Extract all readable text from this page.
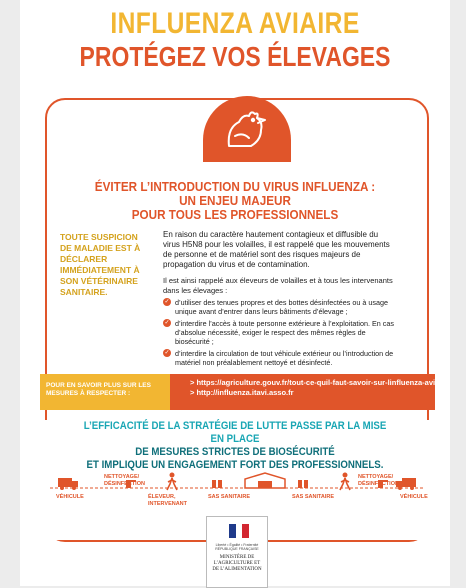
INFLUENZA AVIAIRE
PROTÉGEZ VOS ÉLEVAGES
ÉVITER L’INTRODUCTION DU VIRUS INFLUENZA :
UN ENJEU MAJEUR
POUR TOUS LES PROFESSIONNELS
TOUTE SUSPICION DE MALADIE EST À DÉCLARER IMMÉDIATEMENT À SON VÉTÉRINAIRE SANITAIRE.
En raison du caractère hautement contagieux et diffusible du virus H5N8 pour les volailles, il est rappelé que les mouvements de personne et de matériel sont des risques majeurs de propagation du virus et de contamination.
Il est ainsi rappelé aux éleveurs de volailles et à tous les intervenants dans les élevages :
✓ d’utiliser des tenues propres et des bottes désinfectées ou à usage unique avant d’entrer dans leurs bâtiments d’élevage ;
✓ d’interdire l’accès à toute personne extérieure à l’exploitation. En cas d’absolue nécessité, exiger le respect des mêmes règles de biosécurité ;
✓ d’interdire la circulation de tout véhicule extérieur ou l’introduction de matériel non préalablement nettoyé et désinfecté.
POUR EN SAVOIR PLUS SUR LES MESURES À RESPECTER :
> https://agriculture.gouv.fr/tout-ce-quil-faut-savoir-sur-linfluenza-aviaire
> http://influenza.itavi.asso.fr
L’EFFICACITÉ DE LA STRATÉGIE DE LUTTE PASSE PAR LA MISE EN PLACE
DE MESURES STRICTES DE BIOSÉCURITÉ
ET IMPLIQUE UN ENGAGEMENT FORT DES PROFESSIONNELS.
VÉHICULE
NETTOYAGE/ DÉSINFECTION
ÉLEVEUR, INTERVENANT
SAS SANITAIRE	SAS SANITAIRE
NETTOYAGE/ DÉSINFECTION
VÉHICULE
Liberté • Égalité • Fraternité RÉPUBLIQUE FRANÇAISE
MINISTÈRE DE L’AGRICULTURE ET DE L’ALIMENTATION
